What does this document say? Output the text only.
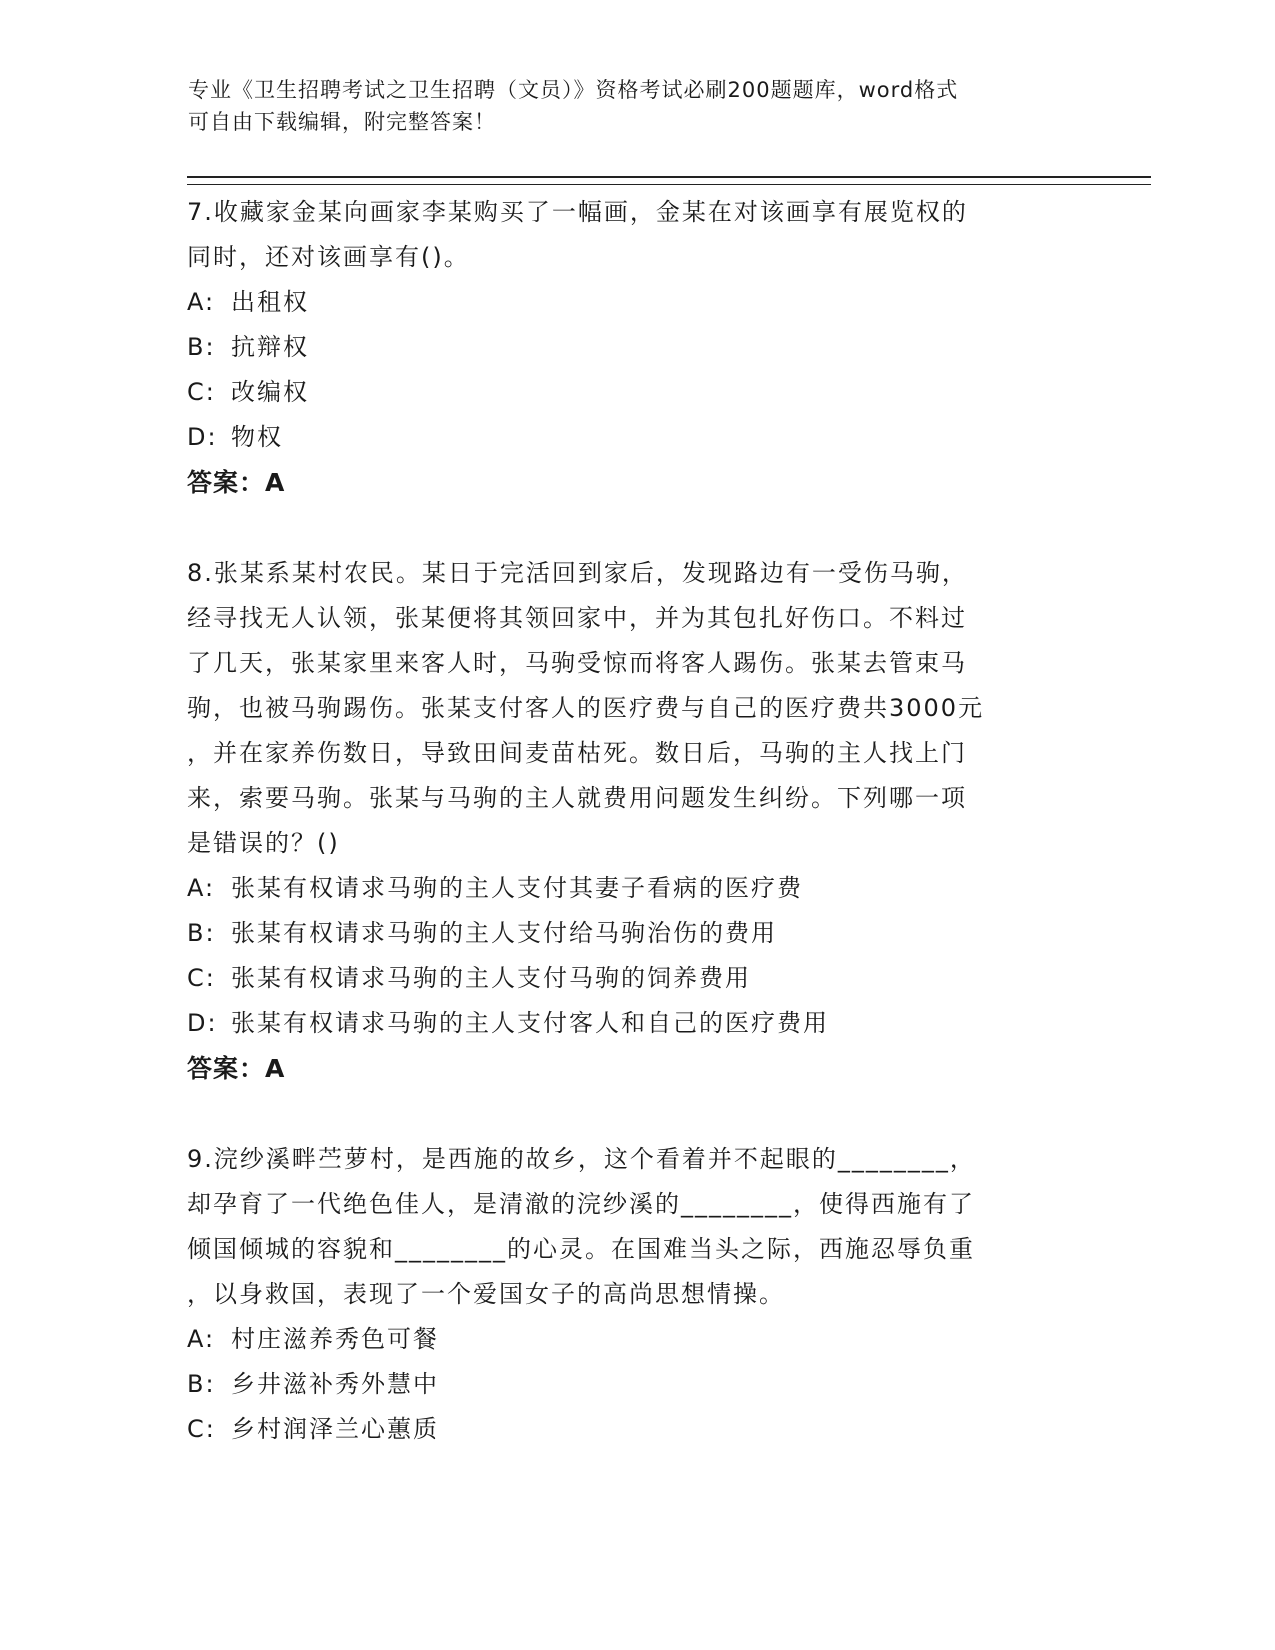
专业《卫生招聘考试之卫生招聘（文员）》资格考试必刷200题题库，word格式
可自由下载编辑，附完整答案！

7.收藏家金某向画家李某购买了一幅画，金某在对该画享有展览权的

同时，还对该画享有()。

A: 出租权

B: 抗辩权

C: 改编权

D: 物权

答案：A

8.张某系某村农民。某日于完活回到家后，发现路边有一受伤马驹，

经寻找无人认领，张某便将其领回家中，并为其包扎好伤口。不料过

了几天，张某家里来客人时，马驹受惊而将客人踢伤。张某去管束马

驹，也被马驹踢伤。张某支付客人的医疗费与自己的医疗费共3000元

，并在家养伤数日，导致田间麦苗枯死。数日后，马驹的主人找上门

来，索要马驹。张某与马驹的主人就费用问题发生纠纷。下列哪一项

是错误的？()

A: 张某有权请求马驹的主人支付其妻子看病的医疗费

B: 张某有权请求马驹的主人支付给马驹治伤的费用

C: 张某有权请求马驹的主人支付马驹的饲养费用

D: 张某有权请求马驹的主人支付客人和自己的医疗费用

答案：A

9.浣纱溪畔苎萝村，是西施的故乡，这个看着并不起眼的________，

却孕育了一代绝色佳人，是清澈的浣纱溪的________，使得西施有了

倾国倾城的容貌和________的心灵。在国难当头之际，西施忍辱负重

，以身救国，表现了一个爱国女子的高尚思想情操。

A: 村庄滋养秀色可餐

B: 乡井滋补秀外慧中

C: 乡村润泽兰心蕙质
